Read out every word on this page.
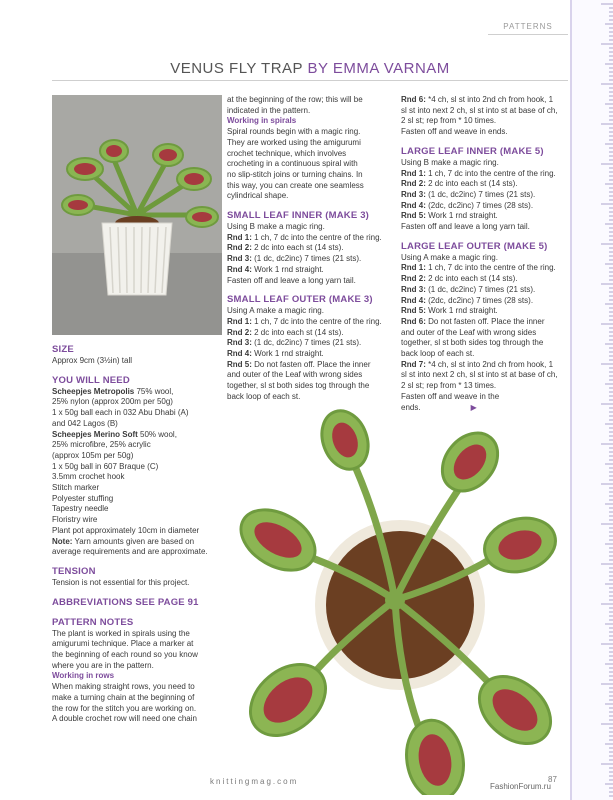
PATTERNS
VENUS FLY TRAP BY EMMA VARNAM

SIZE

Approx 9cm (3½in) tall

YOU WILL NEED

Scheepjes Metropolis 75% wool,

25% nylon (approx 200m per 50g)

1 x 50g ball each in 032 Abu Dhabi (A)

and 042 Lagos (B)

Scheepjes Merino Soft 50% wool,

25% microfibre, 25% acrylic

(approx 105m per 50g)

1 x 50g ball in 607 Braque (C)

3.5mm crochet hook

Stitch marker

Polyester stuffing

Tapestry needle

Floristry wire

Plant pot approximately 10cm in diameter

Note: Yarn amounts given are based on

average requirements and are approximate.

TENSION

Tension is not essential for this project.

ABBREVIATIONS SEE PAGE 91

PATTERN NOTES

The plant is worked in spirals using the

amigurumi technique. Place a marker at

the beginning of each round so you know

where you are in the pattern.

Working in rows

When making straight rows, you need to

make a turning chain at the beginning of

the row for the stitch you are working on.

A double crochet row will need one chain

at the beginning of the row; this will be

indicated in the pattern.

Working in spirals

Spiral rounds begin with a magic ring.

They are worked using the amigurumi

crochet technique, which involves

crocheting in a continuous spiral with

no slip-stitch joins or turning chains. In

this way, you can create one seamless

cylindrical shape.

SMALL LEAF INNER (MAKE 3)

Using B make a magic ring.

Rnd 1: 1 ch, 7 dc into the centre of the ring.

Rnd 2: 2 dc into each st (14 sts).

Rnd 3: (1 dc, dc2inc) 7 times (21 sts).

Rnd 4: Work 1 rnd straight.

Fasten off and leave a long yarn tail.

SMALL LEAF OUTER (MAKE 3)

Using A make a magic ring.

Rnd 1: 1 ch, 7 dc into the centre of the ring.

Rnd 2: 2 dc into each st (14 sts).

Rnd 3: (1 dc, dc2inc) 7 times (21 sts).

Rnd 4: Work 1 rnd straight.

Rnd 5: Do not fasten off. Place the inner

and outer of the Leaf with wrong sides

together, sl st both sides tog through the

back loop of each st.

Rnd 6: *4 ch, sl st into 2nd ch from hook, 1

sl st into next 2 ch, sl st into st at base of ch,

2 sl st; rep from * 10 times.

Fasten off and weave in ends.

LARGE LEAF INNER (MAKE 5)

Using B make a magic ring.

Rnd 1: 1 ch, 7 dc into the centre of the ring.

Rnd 2: 2 dc into each st (14 sts).

Rnd 3: (1 dc, dc2inc) 7 times (21 sts).

Rnd 4: (2dc, dc2inc) 7 times (28 sts).

Rnd 5: Work 1 rnd straight.

Fasten off and leave a long yarn tail.

LARGE LEAF OUTER (MAKE 5)

Using A make a magic ring.

Rnd 1: 1 ch, 7 dc into the centre of the ring.

Rnd 2: 2 dc into each st (14 sts).

Rnd 3: (1 dc, dc2inc) 7 times (21 sts).

Rnd 4: (2dc, dc2inc) 7 times (28 sts).

Rnd 5: Work 1 rnd straight.

Rnd 6: Do not fasten off. Place the inner

and outer of the Leaf with wrong sides

together, sl st both sides tog through the

back loop of each st.

Rnd 7: *4 ch, sl st into 2nd ch from hook, 1

sl st into next 2 ch, sl st into st at base of ch,

2 sl st; rep from * 13 times.

Fasten off and weave in the ends.	▶

knittingmag.com	87
FashionForum.ru
